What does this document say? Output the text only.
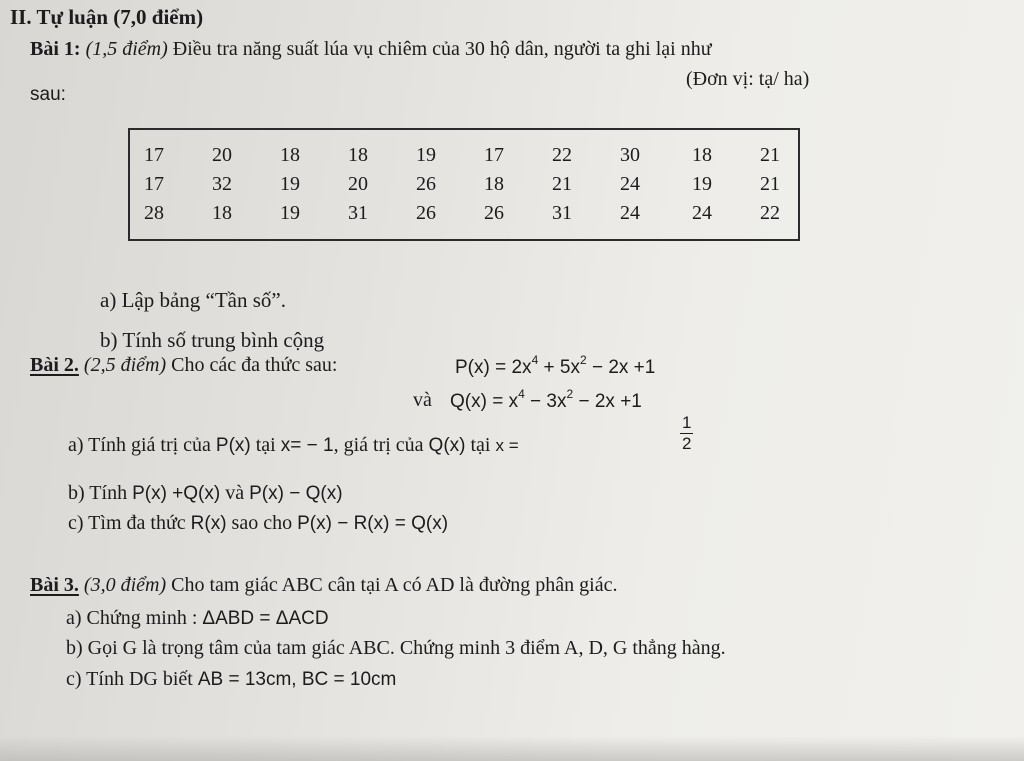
II. Tự luận (7,0 điểm)
Bài 1: (1,5 điểm) Điều tra năng suất lúa vụ chiêm của 30 hộ dân, người ta ghi lại như
sau:
(Đơn vị: tạ/ ha)
17	20	18	18	19	17	22	30	18	21
17	32	19	20	26	18	21	24	19	21
28	18	19	31	26	26	31	24	24	22
a) Lập bảng “Tần số”.
b) Tính số trung bình cộng
Bài 2. (2,5 điểm) Cho các đa thức sau:	$P(x) = 2x^4 + 5x^2 - 2x +1$
và $Q(x) = x^4 - 3x^2 - 2x +1$
a) Tính giá trị của P(x) tại x= − 1, giá trị của Q(x) tại x =	$\frac{1}{2}$
b) Tính P(x) +Q(x) và P(x) − Q(x)
c) Tìm đa thức R(x) sao cho P(x) − R(x) = Q(x)
Bài 3. (3,0 điểm) Cho tam giác ABC cân tại A có AD là đường phân giác.
a) Chứng minh : ΔABD = ΔACD
b) Gọi G là trọng tâm của tam giác ABC. Chứng minh 3 điểm A, D, G thẳng hàng.
c) Tính DG biết AB = 13cm, BC = 10cm
